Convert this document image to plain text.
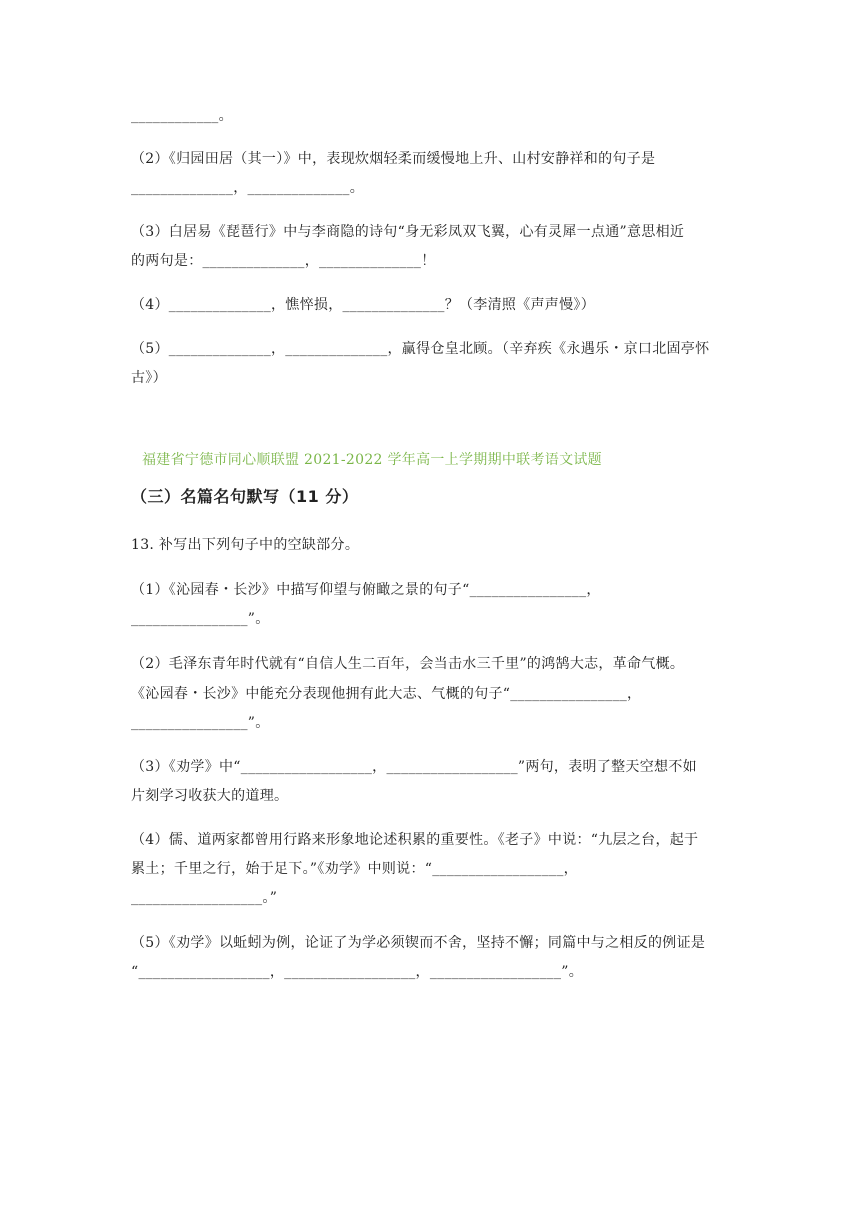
____________。
（2）《归园田居（其一）》中，表现炊烟轻柔而缓慢地上升、山村安静祥和的句子是
______________，______________。
（3）白居易《琵琶行》中与李商隐的诗句“身无彩凤双飞翼，心有灵犀一点通”意思相近
的两句是：______________，______________！
（4）______________，憔悴损，______________？（李清照《声声慢》）
（5）______________，______________，赢得仓皇北顾。（辛弃疾《永遇乐・京口北固亭怀
古》）
福建省宁德市同心顺联盟 2021-2022 学年高一上学期期中联考语文试题
（三）名篇名句默写（11 分）
13. 补写出下列句子中的空缺部分。
（1）《沁园春・长沙》中描写仰望与俯瞰之景的句子“________________，
________________”。
（2）毛泽东青年时代就有“自信人生二百年，会当击水三千里”的鸿鹄大志，革命气概。
《沁园春・长沙》中能充分表现他拥有此大志、气概的句子“________________，
________________”。
（3）《劝学》中“__________________，__________________”两句，表明了整天空想不如
片刻学习收获大的道理。
（4）儒、道两家都曾用行路来形象地论述积累的重要性。《老子》中说：“九层之台，起于
累土；千里之行，始于足下。”《劝学》中则说：“__________________，
__________________。”
（5）《劝学》以蚯蚓为例，论证了为学必须锲而不舍，坚持不懈；同篇中与之相反的例证是
“__________________，__________________，__________________”。
